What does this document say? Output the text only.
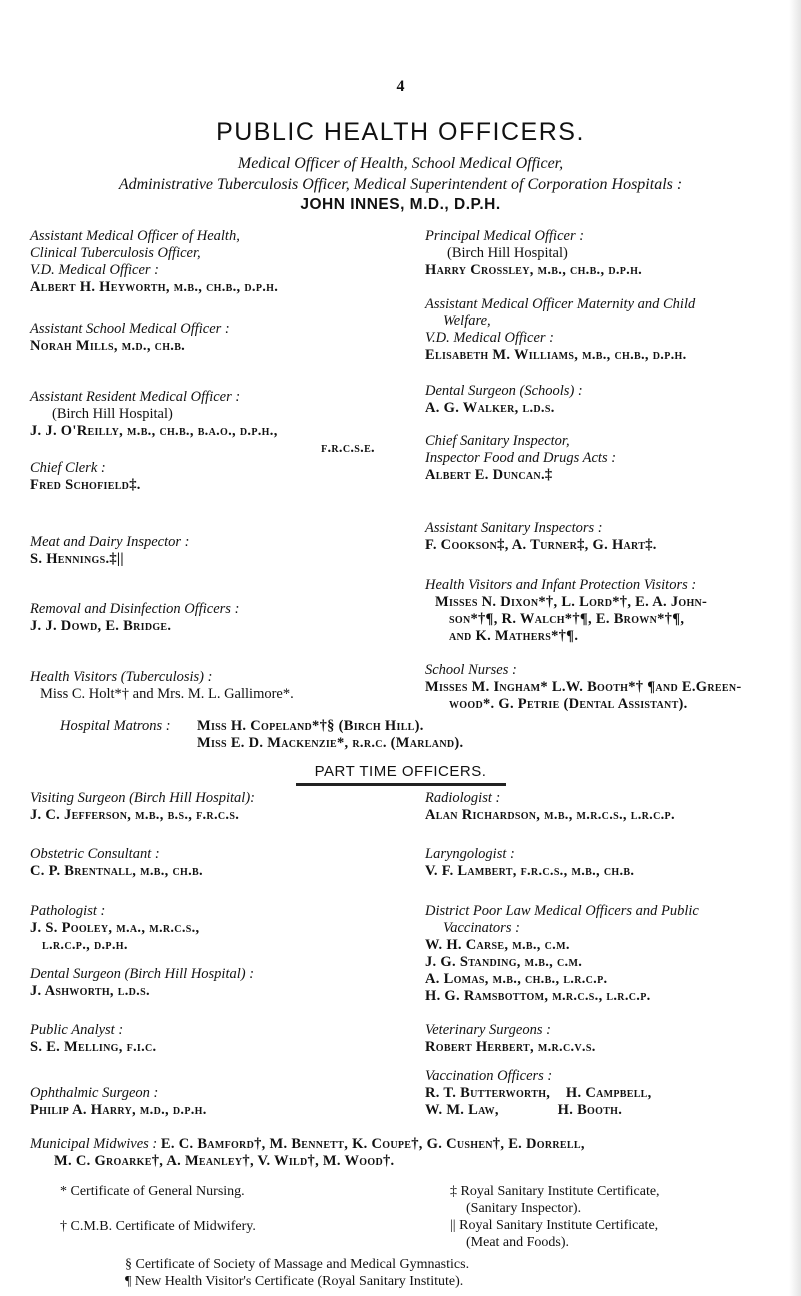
4
PUBLIC HEALTH OFFICERS.
Medical Officer of Health, School Medical Officer,
Administrative Tuberculosis Officer, Medical Superintendent of Corporation Hospitals :
JOHN INNES, M.D., D.P.H.
Assistant Medical Officer of Health,
Clinical Tuberculosis Officer,
V.D. Medical Officer :
Albert H. Heyworth, m.b., ch.b., d.p.h.
Assistant School Medical Officer :
Norah Mills, m.d., ch.b.
Assistant Resident Medical Officer :
(Birch Hill Hospital)
J. J. O'Reilly, m.b., ch.b., b.a.o., d.p.h.,
f.r.c.s.e.
Chief Clerk :
Fred Schofield‡.
Meat and Dairy Inspector :
S. Hennings.‡||
Removal and Disinfection Officers :
J. J. Dowd, E. Bridge.
Health Visitors (Tuberculosis) :
Miss C. Holt*† and Mrs. M. L. Gallimore*.
Principal Medical Officer :
(Birch Hill Hospital)
Harry Crossley, m.b., ch.b., d.p.h.
Assistant Medical Officer Maternity and Child
Welfare,
V.D. Medical Officer :
Elisabeth M. Williams, m.b., ch.b., d.p.h.
Dental Surgeon (Schools) :
A. G. Walker, l.d.s.
Chief Sanitary Inspector,
Inspector Food and Drugs Acts :
Albert E. Duncan.‡
Assistant Sanitary Inspectors :
F. Cookson‡, A. Turner‡, G. Hart‡.
Health Visitors and Infant Protection Visitors :
Misses N. Dixon*†, L. Lord*†, E. A. John-
son*†¶, R. Walch*†¶, E. Brown*†¶,
and K. Mathers*†¶.
School Nurses :
Misses M. Ingham* L.W. Booth*† ¶and E.Green-
wood*. G. Petrie (Dental Assistant).
Hospital Matrons : Miss H. Copeland*†§ (Birch Hill).
Miss E. D. Mackenzie*, r.r.c. (Marland).
PART TIME OFFICERS.
Visiting Surgeon (Birch Hill Hospital):
J. C. Jefferson, m.b., b.s., f.r.c.s.
Obstetric Consultant :
C. P. Brentnall, m.b., ch.b.
Pathologist :
J. S. Pooley, m.a., m.r.c.s.,
l.r.c.p., d.p.h.
Dental Surgeon (Birch Hill Hospital) :
J. Ashworth, l.d.s.
Public Analyst :
S. E. Melling, f.i.c.
Ophthalmic Surgeon :
Philip A. Harry, m.d., d.p.h.
Radiologist :
Alan Richardson, m.b., m.r.c.s., l.r.c.p.
Laryngologist :
V. F. Lambert, f.r.c.s., m.b., ch.b.
District Poor Law Medical Officers and Public
Vaccinators :
W. H. Carse, m.b., c.m.
J. G. Standing, m.b., c.m.
A. Lomas, m.b., ch.b., l.r.c.p.
H. G. Ramsbottom, m.r.c.s., l.r.c.p.
Veterinary Surgeons :
Robert Herbert, m.r.c.v.s.
Vaccination Officers :
R. T. Butterworth,    H. Campbell,
W. M. Law,               H. Booth.
Municipal Midwives : E. C. Bamford†, M. Bennett, K. Coupe†, G. Cushen†, E. Dorrell,
M. C. Groarke†, A. Meanley†, V. Wild†, M. Wood†.
* Certificate of General Nursing.
† C.M.B. Certificate of Midwifery.
‡ Royal Sanitary Institute Certificate,
(Sanitary Inspector).
|| Royal Sanitary Institute Certificate,
(Meat and Foods).
§ Certificate of Society of Massage and Medical Gymnastics.
¶ New Health Visitor's Certificate (Royal Sanitary Institute).
